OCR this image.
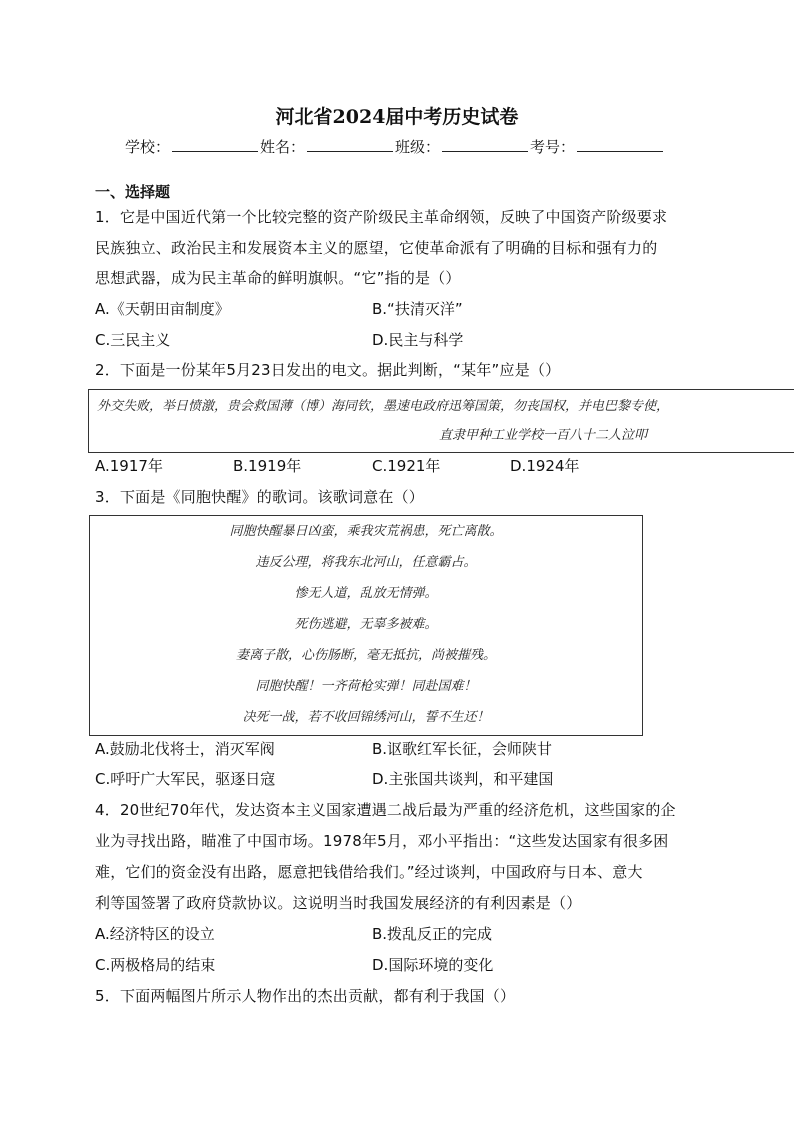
河北省2024届中考历史试卷
学校：	姓名：	班级：	考号：
一、选择题
1．它是中国近代第一个比较完整的资产阶级民主革命纲领，反映了中国资产阶级要求
民族独立、政治民主和发展资本主义的愿望，它使革命派有了明确的目标和强有力的
思想武器，成为民主革命的鲜明旗帜。“它”指的是（）
A.《天朝田亩制度》	B.“扶清灭洋”
C.三民主义	D.民主与科学
2．下面是一份某年5月23日发出的电文。据此判断，“某年”应是（）
外交失败，举日愤激，贵会救国薄（博）海同钦，墨速电政府迅筹国策，勿丧国权，并电巴黎专使，
直隶甲种工业学校一百八十二人泣叩
A.1917年	B.1919年	C.1921年	D.1924年
3．下面是《同胞快醒》的歌词。该歌词意在（）
同胞快醒暴日凶蛮，乘我灾荒祸患，死亡离散。
违反公理，将我东北河山，任意霸占。
惨无人道，乱放无情弹。
死伤逃避，无辜多被难。
妻离子散，心伤肠断，毫无抵抗，尚被摧残。
同胞快醒！一齐荷枪实弹！同赴国难！
决死一战，若不收回锦绣河山，誓不生还！
A.鼓励北伐将士，消灭军阀	B.讴歌红军长征，会师陕甘
C.呼吁广大军民，驱逐日寇	D.主张国共谈判，和平建国
4．20世纪70年代，发达资本主义国家遭遇二战后最为严重的经济危机，这些国家的企
业为寻找出路，瞄准了中国市场。1978年5月，邓小平指出：“这些发达国家有很多困
难，它们的资金没有出路，愿意把钱借给我们。”经过谈判，中国政府与日本、意大
利等国签署了政府贷款协议。这说明当时我国发展经济的有利因素是（）
A.经济特区的设立	B.拨乱反正的完成
C.两极格局的结束	D.国际环境的变化
5．下面两幅图片所示人物作出的杰出贡献，都有利于我国（）
